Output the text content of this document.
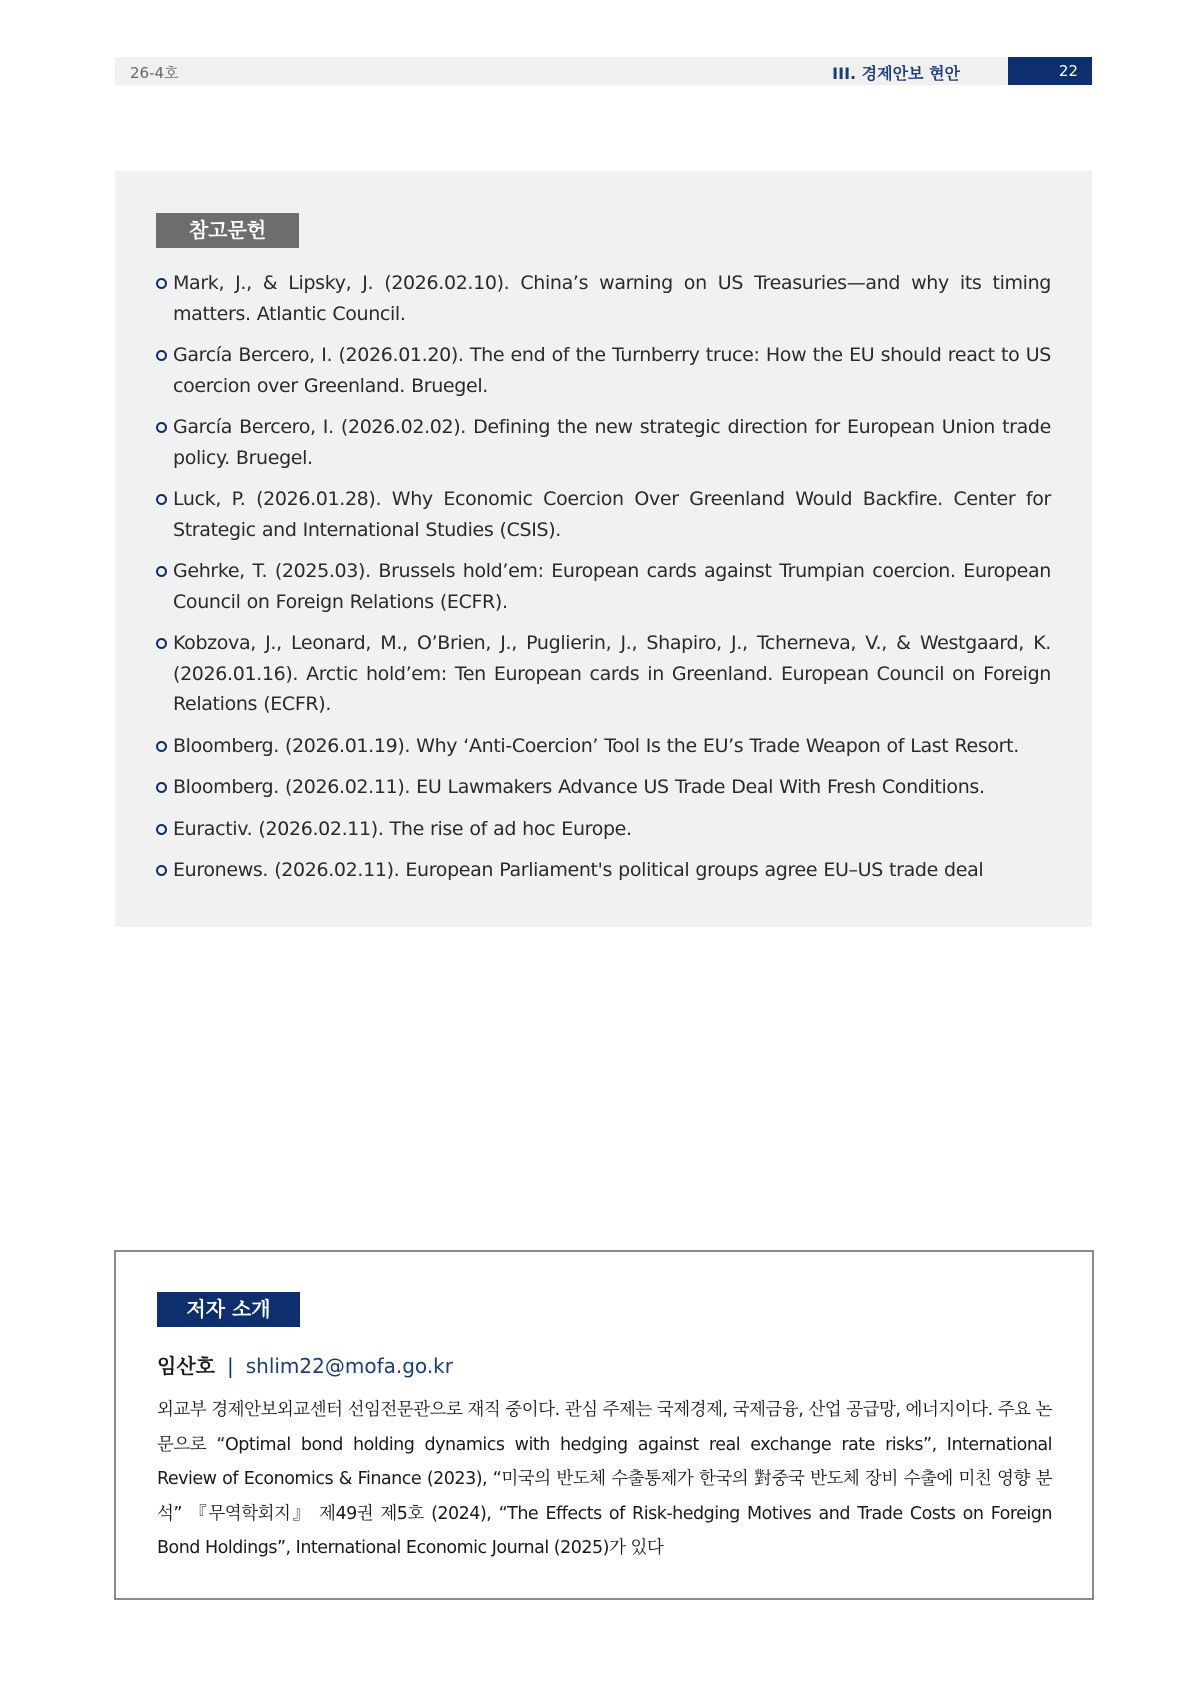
26-4호	III. 경제안보 현안	22
참고문헌
Mark, J., & Lipsky, J. (2026.02.10). China’s warning on US Treasuries—and why its timing matters. Atlantic Council.
García Bercero, I. (2026.01.20). The end of the Turnberry truce: How the EU should react to US coercion over Greenland. Bruegel.
García Bercero, I. (2026.02.02). Defining the new strategic direction for European Union trade policy. Bruegel.
Luck, P. (2026.01.28). Why Economic Coercion Over Greenland Would Backfire. Center for Strategic and International Studies (CSIS).
Gehrke, T. (2025.03). Brussels hold’em: European cards against Trumpian coercion. European Council on Foreign Relations (ECFR).
Kobzova, J., Leonard, M., O’Brien, J., Puglierin, J., Shapiro, J., Tcherneva, V., & Westgaard, K. (2026.01.16). Arctic hold’em: Ten European cards in Greenland. European Council on Foreign Relations (ECFR).
Bloomberg. (2026.01.19). Why ‘Anti-Coercion’ Tool Is the EU’s Trade Weapon of Last Resort.
Bloomberg. (2026.02.11). EU Lawmakers Advance US Trade Deal With Fresh Conditions.
Euractiv. (2026.02.11). The rise of ad hoc Europe.
Euronews. (2026.02.11). European Parliament's political groups agree EU–US trade deal
저자 소개
임산호 | shlim22@mofa.go.kr

외교부 경제안보외교센터 선임전문관으로 재직 중이다. 관심 주제는 국제경제, 국제금융, 산업 공급망, 에너지이다. 주요 논문으로 “Optimal bond holding dynamics with hedging against real exchange rate risks”, International Review of Economics & Finance (2023), “미국의 반도체 수출통제가 한국의 對중국 반도체 장비 수출에 미친 영향 분석” 『무역학회지』 제49권 제5호 (2024), “The Effects of Risk-hedging Motives and Trade Costs on Foreign Bond Holdings”, International Economic Journal (2025)가 있다
